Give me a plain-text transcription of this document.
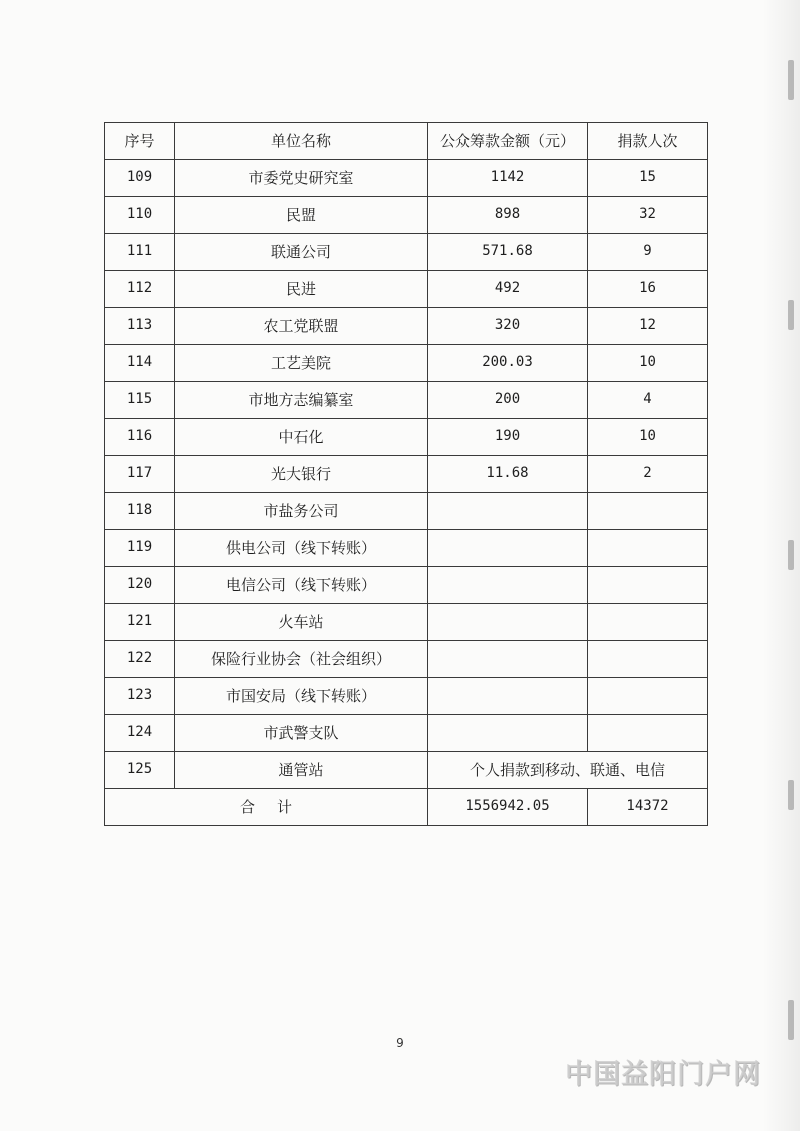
序号	单位名称	公众筹款金额（元）	捐款人次
109	市委党史研究室	1142	15
110	民盟	898	32
111	联通公司	571.68	9
112	民进	492	16
113	农工党联盟	320	12
114	工艺美院	200.03	10
115	市地方志编纂室	200	4
116	中石化	190	10
117	光大银行	11.68	2
118	市盐务公司		
119	供电公司（线下转账）		
120	电信公司（线下转账）		
121	火车站		
122	保险行业协会（社会组织）		
123	市国安局（线下转账）		
124	市武警支队		
125	通管站	个人捐款到移动、联通、电信	
合计		1556942.05	14372
9
中国益阳门户网
